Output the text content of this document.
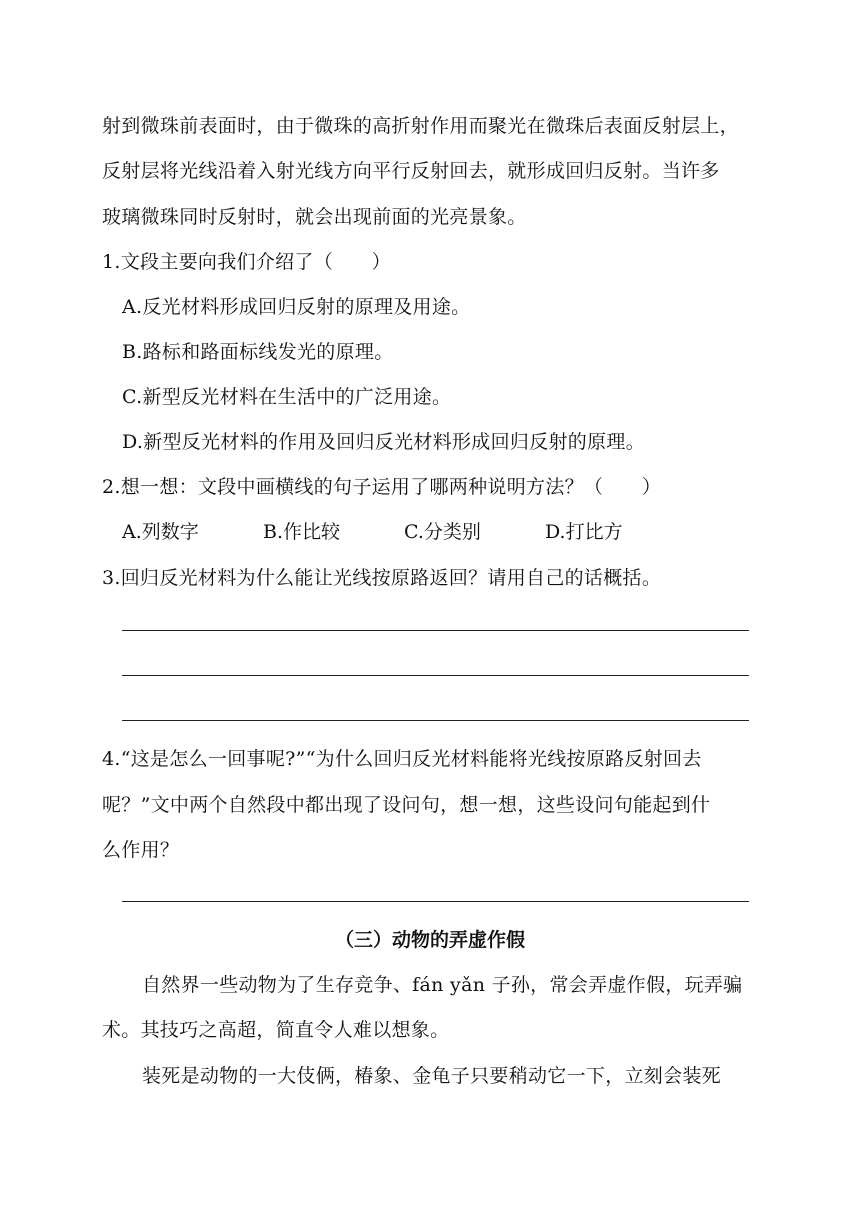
射到微珠前表面时，由于微珠的高折射作用而聚光在微珠后表面反射层上，
反射层将光线沿着入射光线方向平行反射回去，就形成回归反射。当许多
玻璃微珠同时反射时，就会出现前面的光亮景象。
1.文段主要向我们介绍了（　　）
A.反光材料形成回归反射的原理及用途。
B.路标和路面标线发光的原理。
C.新型反光材料在生活中的广泛用途。
D.新型反光材料的作用及回归反光材料形成回归反射的原理。
2.想一想：文段中画横线的句子运用了哪两种说明方法？（　　）
A.列数字	B.作比较	C.分类别	D.打比方
3.回归反光材料为什么能让光线按原路返回？请用自己的话概括。
4.“这是怎么一回事呢?”“为什么回归反光材料能将光线按原路反射回去
呢？”文中两个自然段中都出现了设问句，想一想，这些设问句能起到什
么作用？
（三）动物的弄虚作假
自然界一些动物为了生存竞争、fán yǎn 子孙，常会弄虚作假，玩弄骗
术。其技巧之高超，简直令人难以想象。
装死是动物的一大伎俩，椿象、金龟子只要稍动它一下，立刻会装死
